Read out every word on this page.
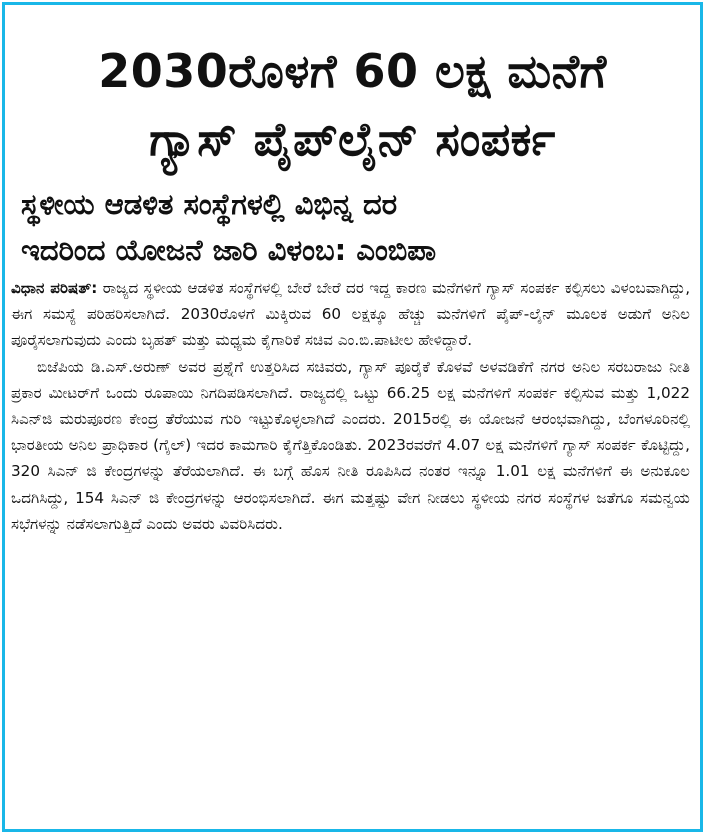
2030ರೊಳಗೆ 60 ಲಕ್ಷ ಮನೆಗೆ

ಗ್ಯಾಸ್ ಪೈಪ್‌ಲೈನ್ ಸಂಪರ್ಕ

ಸ್ಥಳೀಯ ಆಡಳಿತ ಸಂಸ್ಥೆಗಳಲ್ಲಿ ವಿಭಿನ್ನ ದರ

ಇದರಿಂದ ಯೋಜನೆ ಜಾರಿ ವಿಳಂಬ: ಎಂಬಿಪಾ

ವಿಧಾನ ಪರಿಷತ್: ರಾಜ್ಯದ ಸ್ಥಳೀಯ ಆಡಳಿತ ಸಂಸ್ಥೆಗಳಲ್ಲಿ ಬೇರೆ ಬೇರೆ ದರ ಇದ್ದ ಕಾರಣ ಮನೆಗಳಿಗೆ ಗ್ಯಾಸ್ ಸಂಪರ್ಕ ಕಲ್ಪಿಸಲು ವಿಳಂಬವಾಗಿದ್ದು, ಈಗ ಸಮಸ್ಯೆ ಪರಿಹರಿಸಲಾಗಿದೆ. 2030ರೊಳಗೆ ಮಿಕ್ಕಿರುವ 60 ಲಕ್ಷಕ್ಕೂ ಹೆಚ್ಚು ಮನೆಗಳಿಗೆ ಪೈಪ್-ಲೈನ್ ಮೂಲಕ ಅಡುಗೆ ಅನಿಲ ಪೂರೈಸಲಾಗುವುದು ಎಂದು ಬೃಹತ್ ಮತ್ತು ಮಧ್ಯಮ ಕೈಗಾರಿಕೆ ಸಚಿವ ಎಂ.ಬಿ.ಪಾಟೀಲ ಹೇಳಿದ್ದಾರೆ.

ಬಿಜೆಪಿಯ ಡಿ.ಎಸ್.ಅರುಣ್ ಅವರ ಪ್ರಶ್ನೆಗೆ ಉತ್ತರಿಸಿದ ಸಚಿವರು, ಗ್ಯಾಸ್ ಪೂರೈಕೆ ಕೊಳವೆ ಅಳವಡಿಕೆಗೆ ನಗರ ಅನಿಲ ಸರಬರಾಜು ನೀತಿ ಪ್ರಕಾರ ಮೀಟರ್‌ಗೆ ಒಂದು ರೂಪಾಯಿ ನಿಗದಿಪಡಿಸಲಾಗಿದೆ. ರಾಜ್ಯದಲ್ಲಿ ಒಟ್ಟು 66.25 ಲಕ್ಷ ಮನೆಗಳಿಗೆ ಸಂಪರ್ಕ ಕಲ್ಪಿಸುವ ಮತ್ತು 1,022 ಸಿಎನ್‌ಜಿ ಮರುಪೂರಣ ಕೇಂದ್ರ ತೆರೆಯುವ ಗುರಿ ಇಟ್ಟುಕೊಳ್ಳಲಾಗಿದೆ ಎಂದರು. 2015ರಲ್ಲಿ ಈ ಯೋಜನೆ ಆರಂಭವಾಗಿದ್ದು, ಬೆಂಗಳೂರಿನಲ್ಲಿ ಭಾರತೀಯ ಅನಿಲ ಪ್ರಾಧಿಕಾರ (ಗೈಲ್) ಇದರ ಕಾಮಗಾರಿ ಕೈಗೆತ್ತಿಕೊಂಡಿತು. 2023ರವರೆಗೆ 4.07 ಲಕ್ಷ ಮನೆಗಳಿಗೆ ಗ್ಯಾಸ್ ಸಂಪರ್ಕ ಕೊಟ್ಟಿದ್ದು, 320 ಸಿಎನ್ ಜಿ ಕೇಂದ್ರಗಳನ್ನು ತೆರೆಯಲಾಗಿದೆ. ಈ ಬಗ್ಗೆ ಹೊಸ ನೀತಿ ರೂಪಿಸಿದ ನಂತರ ಇನ್ನೂ 1.01 ಲಕ್ಷ ಮನೆಗಳಿಗೆ ಈ ಅನುಕೂಲ ಒದಗಿಸಿದ್ದು, 154 ಸಿಎನ್ ಜಿ ಕೇಂದ್ರಗಳನ್ನು ಆರಂಭಿಸಲಾಗಿದೆ. ಈಗ ಮತ್ತಷ್ಟು ವೇಗ ನೀಡಲು ಸ್ಥಳೀಯ ನಗರ ಸಂಸ್ಥೆಗಳ ಜತೆಗೂ ಸಮನ್ವಯ ಸಭೆಗಳನ್ನು ನಡೆಸಲಾಗುತ್ತಿದೆ ಎಂದು ಅವರು ವಿವರಿಸಿದರು.
